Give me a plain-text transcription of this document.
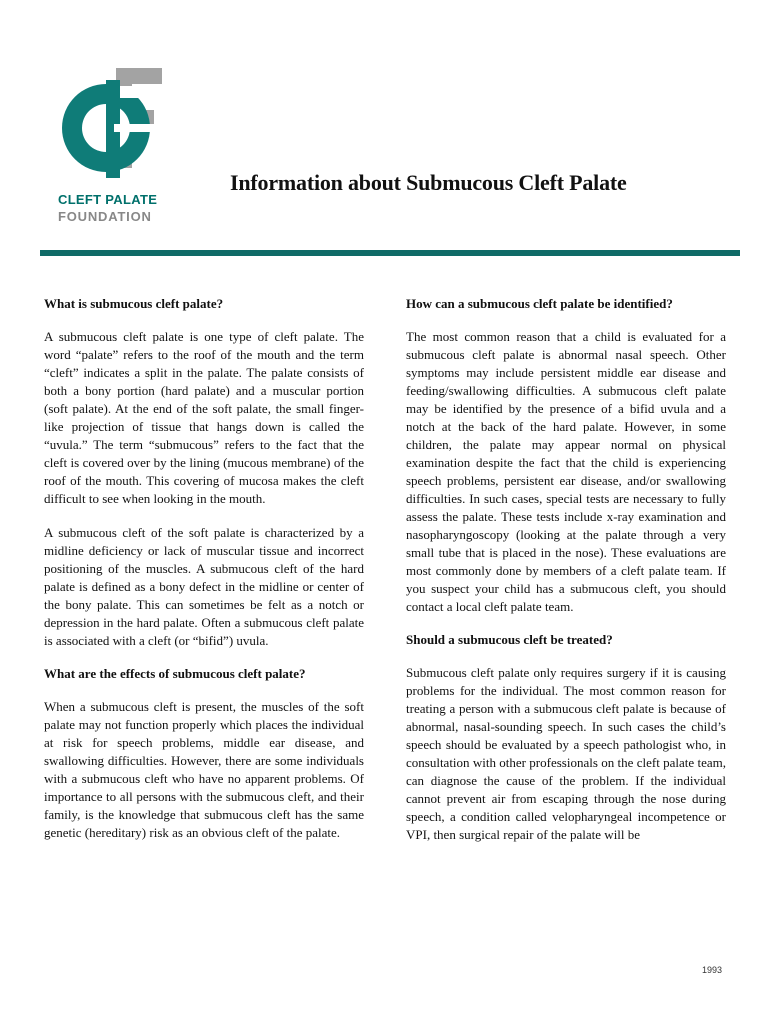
CLEFT PALATE
FOUNDATION
Information about Submucous Cleft Palate
What is submucous cleft palate?

A submucous cleft palate is one type of cleft palate. The word “palate” refers to the roof of the mouth and the term “cleft” indicates a split in the palate. The palate consists of both a bony portion (hard palate) and a muscular portion (soft palate). At the end of the soft palate, the small finger-like projection of tissue that hangs down is called the “uvula.” The term “submucous” refers to the fact that the cleft is covered over by the lining (mucous membrane) of the roof of the mouth. This covering of mucosa makes the cleft difficult to see when looking in the mouth.

A submucous cleft of the soft palate is characterized by a midline deficiency or lack of muscular tissue and incorrect positioning of the muscles. A submucous cleft of the hard palate is defined as a bony defect in the midline or center of the bony palate. This can sometimes be felt as a notch or depression in the hard palate. Often a submucous cleft palate is associated with a cleft (or “bifid”) uvula.

What are the effects of submucous cleft palate?

When a submucous cleft is present, the muscles of the soft palate may not function properly which places the individual at risk for speech problems, middle ear disease, and swallowing difficulties. However, there are some individuals with a submucous cleft who have no apparent problems. Of importance to all persons with the submucous cleft, and their family, is the knowledge that submucous cleft has the same genetic (hereditary) risk as an obvious cleft of the palate.

How can a submucous cleft palate be identified?

The most common reason that a child is evaluated for a submucous cleft palate is abnormal nasal speech. Other symptoms may include persistent middle ear disease and feeding/swallowing difficulties. A submucous cleft palate may be identified by the presence of a bifid uvula and a notch at the back of the hard palate. However, in some children, the palate may appear normal on physical examination despite the fact that the child is experiencing speech problems, persistent ear disease, and/or swallowing difficulties. In such cases, special tests are necessary to fully assess the palate. These tests include x-ray examination and nasopharyngoscopy (looking at the palate through a very small tube that is placed in the nose). These evaluations are most commonly done by members of a cleft palate team. If you suspect your child has a submucous cleft, you should contact a local cleft palate team.

Should a submucous cleft be treated?

Submucous cleft palate only requires surgery if it is causing problems for the individual. The most common reason for treating a person with a submucous cleft palate is because of abnormal, nasal-sounding speech. In such cases the child’s speech should be evaluated by a speech pathologist who, in consultation with other professionals on the cleft palate team, can diagnose the cause of the problem. If the individual cannot prevent air from escaping through the nose during speech, a condition called velopharyngeal incompetence or VPI, then surgical repair of the palate will be

1993
